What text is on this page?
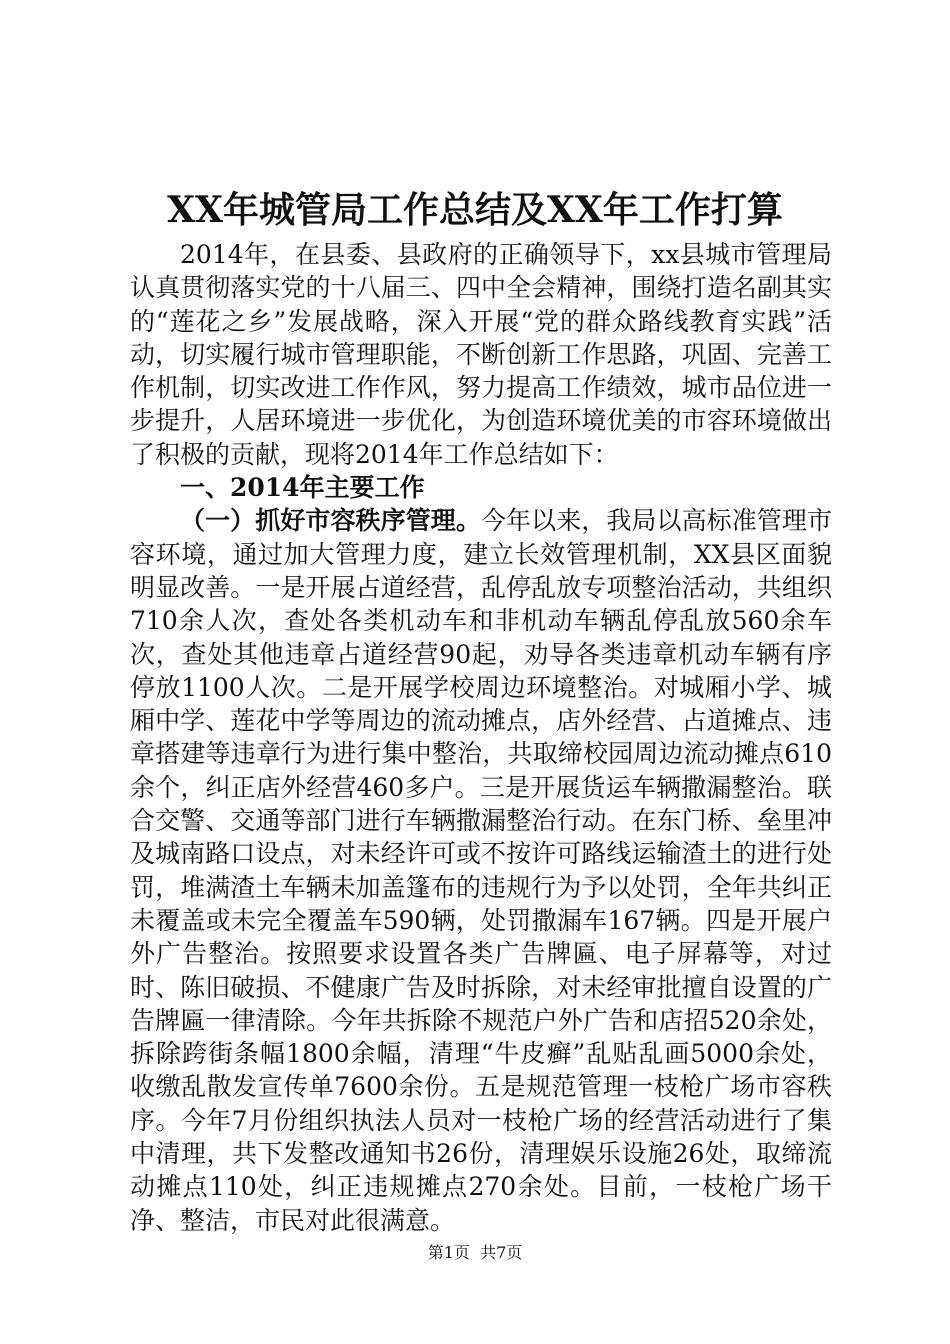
XX年城管局工作总结及XX年工作打算

2014年，在县委、县政府的正确领导下，xx县城市管理局认真贯彻落实党的十八届三、四中全会精神，围绕打造名副其实的“莲花之乡”发展战略，深入开展“党的群众路线教育实践”活动，切实履行城市管理职能，不断创新工作思路，巩固、完善工作机制，切实改进工作作风，努力提高工作绩效，城市品位进一步提升，人居环境进一步优化，为创造环境优美的市容环境做出了积极的贡献，现将2014年工作总结如下：

一、2014年主要工作

（一）抓好市容秩序管理。今年以来，我局以高标准管理市容环境，通过加大管理力度，建立长效管理机制，XX县区面貌明显改善。一是开展占道经营，乱停乱放专项整治活动，共组织710余人次，查处各类机动车和非机动车辆乱停乱放560余车次，查处其他违章占道经营90起，劝导各类违章机动车辆有序停放1100人次。二是开展学校周边环境整治。对城厢小学、城厢中学、莲花中学等周边的流动摊点，店外经营、占道摊点、违章搭建等违章行为进行集中整治，共取缔校园周边流动摊点610余个，纠正店外经营460多户。三是开展货运车辆撒漏整治。联合交警、交通等部门进行车辆撒漏整治行动。在东门桥、垒里冲及城南路口设点，对未经许可或不按许可路线运输渣土的进行处罚，堆满渣土车辆未加盖篷布的违规行为予以处罚，全年共纠正未覆盖或未完全覆盖车590辆，处罚撒漏车167辆。四是开展户外广告整治。按照要求设置各类广告牌匾、电子屏幕等，对过时、陈旧破损、不健康广告及时拆除，对未经审批擅自设置的广告牌匾一律清除。今年共拆除不规范户外广告和店招520余处，拆除跨街条幅1800余幅，清理“牛皮癣”乱贴乱画5000余处，收缴乱散发宣传单7600余份。五是规范管理一枝枪广场市容秩序。今年7月份组织执法人员对一枝枪广场的经营活动进行了集中清理，共下发整改通知书26份，清理娱乐设施26处，取缔流动摊点110处，纠正违规摊点270余处。目前，一枝枪广场干净、整洁，市民对此很满意。

第1页 共7页
